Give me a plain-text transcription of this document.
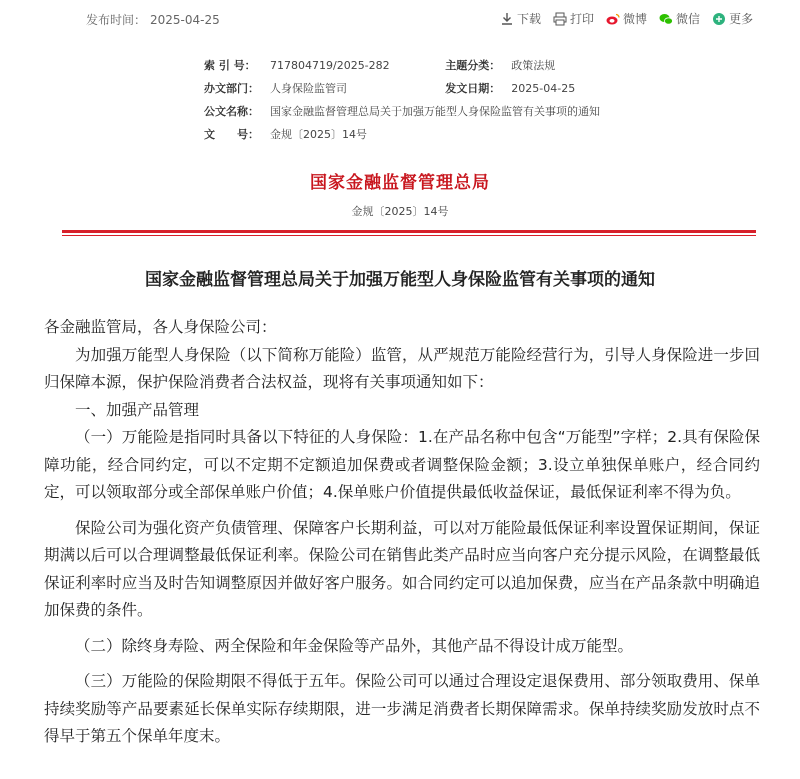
发布时间： 2025-04-25	下载 打印 微博 微信 更多
索 引 号：	717804719/2025-282	主题分类：	政策法规
办文部门：	人身保险监管司	发文日期：	2025-04-25
公文名称：	国家金融监督管理总局关于加强万能型人身保险监管有关事项的通知
文　　号：	金规〔2025〕14号
国家金融监督管理总局
金规〔2025〕14号
国家金融监督管理总局关于加强万能型人身保险监管有关事项的通知

各金融监管局，各人身保险公司：

为加强万能型人身保险（以下简称万能险）监管，从严规范万能险经营行为，引导人身保险进一步回归保障本源，保护保险消费者合法权益，现将有关事项通知如下：

一、加强产品管理

（一）万能险是指同时具备以下特征的人身保险：1.在产品名称中包含“万能型”字样；2.具有保险保障功能，经合同约定，可以不定期不定额追加保费或者调整保险金额；3.设立单独保单账户，经合同约定，可以领取部分或全部保单账户价值；4.保单账户价值提供最低收益保证，最低保证利率不得为负。

保险公司为强化资产负债管理、保障客户长期利益，可以对万能险最低保证利率设置保证期间，保证期满以后可以合理调整最低保证利率。保险公司在销售此类产品时应当向客户充分提示风险，在调整最低保证利率时应当及时告知调整原因并做好客户服务。如合同约定可以追加保费，应当在产品条款中明确追加保费的条件。

（二）除终身寿险、两全保险和年金保险等产品外，其他产品不得设计成万能型。

（三）万能险的保险期限不得低于五年。保险公司可以通过合理设定退保费用、部分领取费用、保单持续奖励等产品要素延长保单实际存续期限，进一步满足消费者长期保障需求。保单持续奖励发放时点不得早于第五个保单年度末。
